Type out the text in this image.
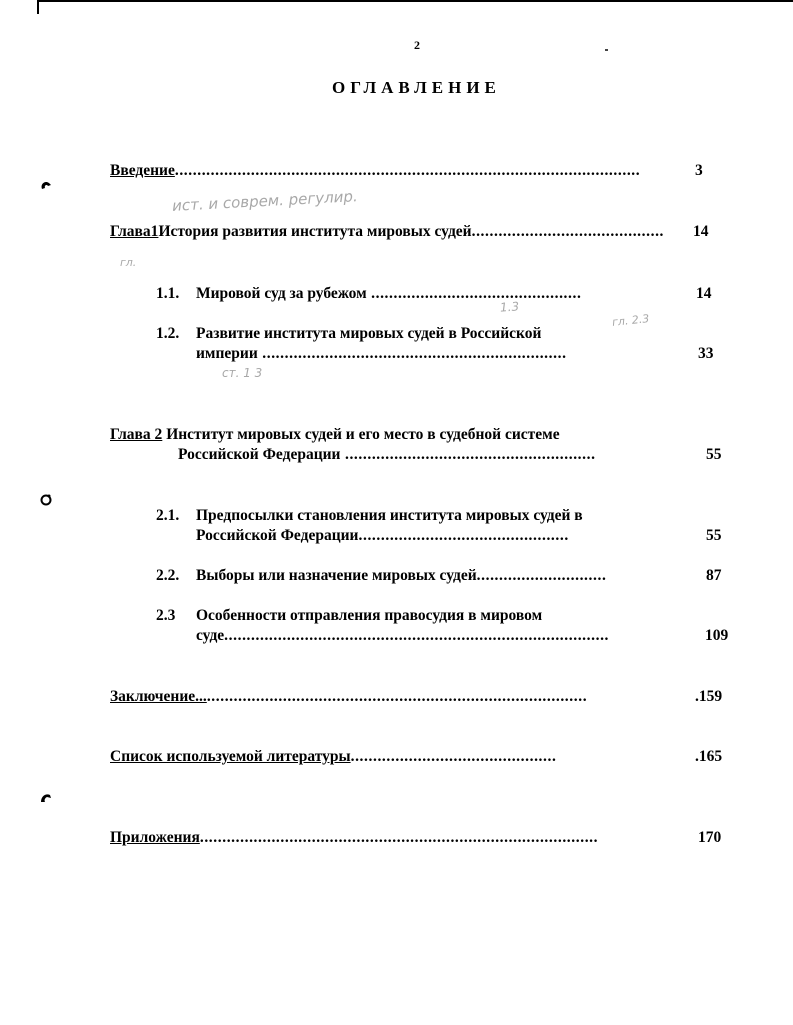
2
ОГЛАВЛЕНИЕ
Введение........................................................................................................	3
Глава1История развития института мировых судей...........................................	14
1.1. Мировой суд за рубежом ...............................................	14
1.2. Развитие института мировых судей в Российской
империи ....................................................................	33
Глава 2 Институт мировых судей и его место в судебной системе
Российской Федерации ........................................................	55
2.1. Предпосылки становления института мировых судей в
Российской Федерации...............................................	55
2.2. Выборы или назначение мировых судей.............................	87
2.3 Особенности отправления правосудия в мировом
суде......................................................................................	109
Заключение........................................................................................	.159
Список используемой литературы..............................................	.165
Приложения.........................................................................................	170
ист. и соврем. регулир.
гл.
1.3
ст. 1 3
гл. 2.3
